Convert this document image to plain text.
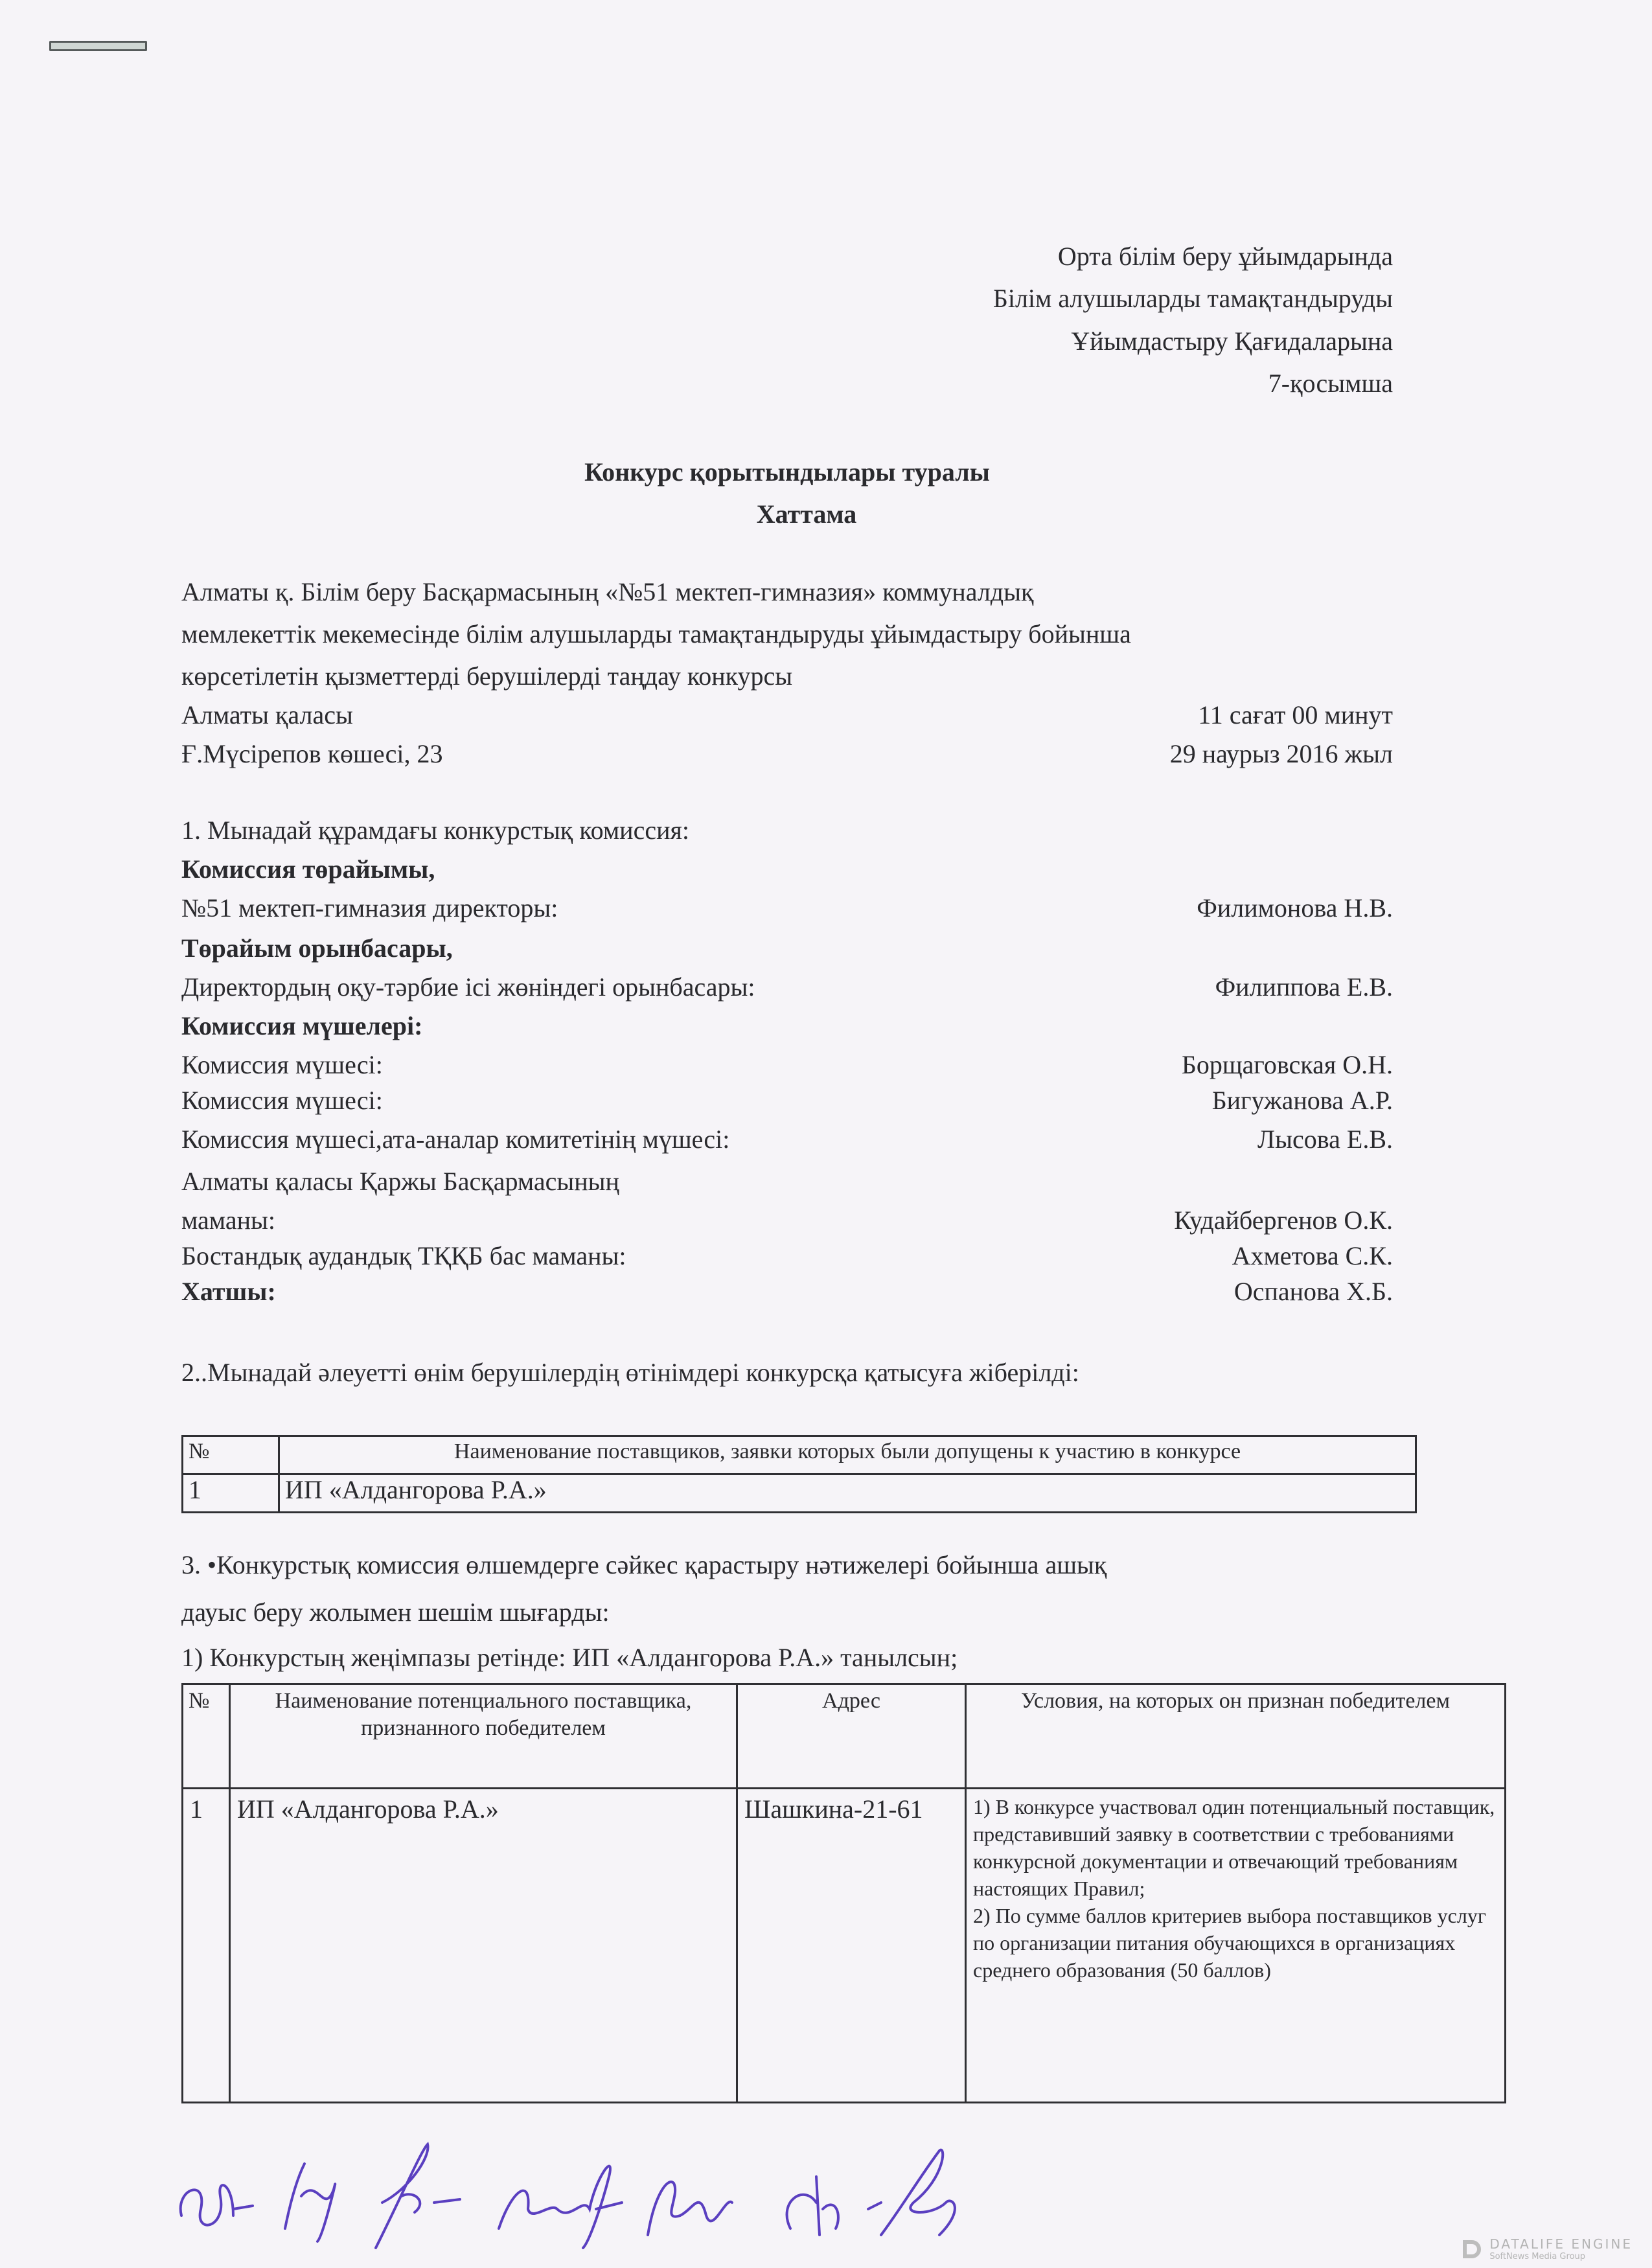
Орта білім беру ұйымдарында
Білім алушыларды тамақтандыруды
Ұйымдастыру Қағидаларына
7-қосымша
Конкурс қорытындылары туралы
Хаттама
Алматы қ. Білім беру Басқармасының «№51 мектеп-гимназия» коммуналдық
мемлекеттік мекемесінде білім алушыларды тамақтандыруды ұйымдастыру бойынша
көрсетілетін қызметтерді берушілерді таңдау конкурсы
Алматы қаласы	11 сағат 00 минут
Ғ.Мүсірепов көшесі, 23	29 наурыз 2016 жыл
1. Мынадай құрамдағы конкурстық комиссия:
Комиссия төрайымы,
№51 мектеп-гимназия директоры:	Филимонова Н.В.
Төрайым орынбасары,
Директордың оқу-тәрбие ісі жөніндегі орынбасары:	Филиппова Е.В.
Комиссия мүшелері:
Комиссия мүшесі:	Борщаговская О.Н.
Комиссия мүшесі:	Бигужанова А.Р.
Комиссия мүшесі,ата-аналар комитетінің мүшесі:	Лысова Е.В.
Алматы қаласы Қаржы Басқармасының
маманы:	Кудайбергенов О.К.
Бостандық аудандық ТҚҚБ бас маманы:	Ахметова С.К.
Хатшы:	Оспанова Х.Б.
2..Мынадай әлеуетті өнім берушілердің өтінімдері конкурсқа қатысуға жіберілді:
№	Наименование поставщиков, заявки которых были допущены к участию в конкурсе
1	ИП «Алдангорова Р.А.»
3. •Конкурстық комиссия өлшемдерге сәйкес қарастыру нәтижелері бойынша ашық
дауыс беру жолымен шешім шығарды:
1) Конкурстың жеңімпазы ретінде: ИП «Алдангорова Р.А.» танылсын;
№	Наименование потенциального поставщика, признанного победителем	Адрес	Условия, на которых он признан победителем
1	ИП «Алдангорова Р.А.»	Шашкина-21-61	1) В конкурсе участвовал один потенциальный поставщик, представивший заявку в соответствии с требованиями конкурсной документации и отвечающий требованиям настоящих Правил;

2) По сумме баллов критериев выбора поставщиков услуг по организации питания обучающихся в организациях среднего образования (50 баллов)

DATALIFE ENGINE
SoftNews Media Group
